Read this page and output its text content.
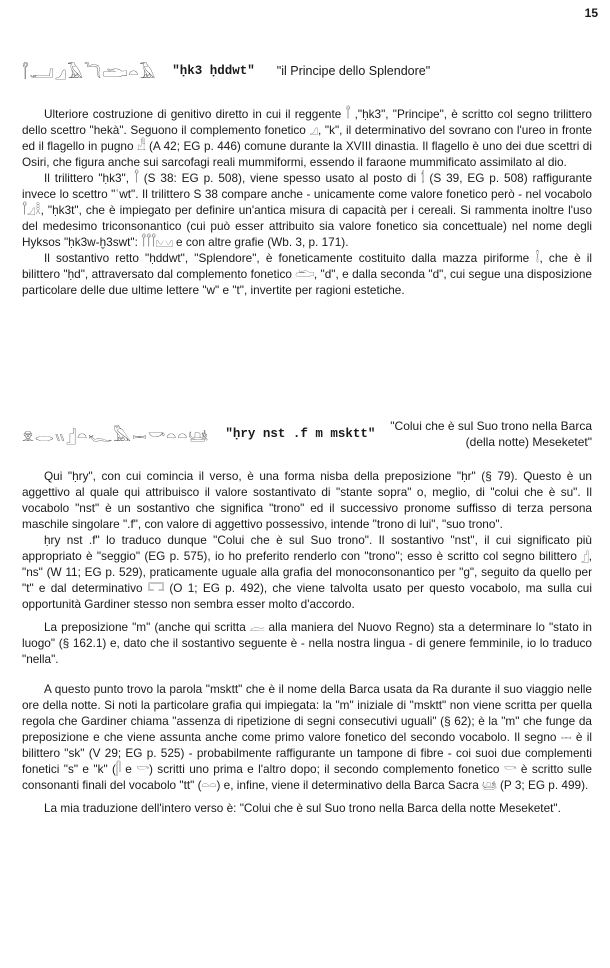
15
𓋾𓂝𓈎𓄿𓆓𓂧𓏏𓄿 "ḥk3 ḥddwt" "il Principe dello Splendore"

Ulteriore costruzione di genitivo diretto in cui il reggente 𓋾 ,"ḥk3", "Principe", è scritto col segno trilittero dello scettro "hekà". Seguono il complemento fonetico 𓈎, "k", il determinativo del sovrano con l'ureo in fronte ed il flagello in pugno 𓀭 (A 42; EG p. 446) comune durante la XVIII dinastia. Il flagello è uno dei due scettri di Osiri, che figura anche sui sarcofagi reali mummiformi, essendo il faraone mummificato assimilato al dio.

Il trilittero "ḥk3", 𓋾 (S 38: EG p. 508), viene spesso usato al posto di 𓌀 (S 39, EG p. 508) raffigurante invece lo scettro "ʿwt". Il trilittero S 38 compare anche - unicamente come valore fonetico però - nel vocabolo 𓋾𓈎𓎛, "ḥk3t", che è impiegato per definire un'antica misura di capacità per i cereali. Si rammenta inoltre l'uso del medesimo triconsonantico (cui può esser attribuito sia valore fonetico sia concettuale) nel nome degli Hyksos "ḥk3w-ḫ3swt": 𓋾𓋾𓋾𓈉 e con altre grafie (Wb. 3, p. 171).

Il sostantivo retto "ḥddwt", "Splendore", è foneticamente costituito dalla mazza piriforme 𓌉, che è il bilittero "ḥd", attraversato dal complemento fonetico 𓂧, "d", e dalla seconda "d", cui segue una disposizione particolare delle due ultime lettere "w" e "t", invertite per ragioni estetiche.

𓁷𓂋𓏭𓊨𓏏𓆑𓅓𓋭𓎡𓏏𓏏𓊞 "ḥry nst .f m msktt"
"Colui che è sul Suo trono nella Barca (della notte) Meseketet"

Qui "ḥry", con cui comincia il verso, è una forma nisba della preposizione "ḥr" (§ 79). Questo è un aggettivo al quale qui attribuisco il valore sostantivato di "stante sopra" o, meglio, di "colui che è su". Il vocabolo "nst" è un sostantivo che significa "trono" ed il successivo pronome suffisso di terza persona maschile singolare ".f", con valore di aggettivo possessivo, intende "trono di lui", "suo trono".

ḥry nst .f" lo traduco dunque "Colui che è sul Suo trono". Il sostantivo "nst", il cui significato più appropriato è "seggio" (EG p. 575), io ho preferito renderlo con "trono"; esso è scritto col segno bilittero 𓊨, "ns" (W 11; EG p. 529), praticamente uguale alla grafia del monoconsonantico per "g", seguito da quello per "t" e dal determinativo 𓉐 (O 1; EG p. 492), che viene talvolta usato per questo vocabolo, ma sulla cui opportunità Gardiner stesso non sembra esser molto d'accordo.

La preposizione "m" (anche qui scritta 𓐛 alla maniera del Nuovo Regno) sta a determinare lo "stato in luogo" (§ 162.1) e, dato che il sostantivo seguente è - nella nostra lingua - di genere femminile, io lo traduco "nella".

A questo punto trovo la parola "msktt" che è il nome della Barca usata da Ra durante il suo viaggio nelle ore della notte. Si noti la particolare grafia qui impiegata: la "m" iniziale di "msktt" non viene scritta per quella regola che Gardiner chiama "assenza di ripetizione di segni consecutivi uguali" (§ 62); è la "m" che funge da preposizione e che viene assunta anche come primo valore fonetico del secondo vocabolo. Il segno 𓋭 è il bilittero "sk" (V 29; EG p. 525) - probabilmente raffigurante un tampone di fibre - coi suoi due complementi fonetici "s" e "k" (𓋴 e 𓎡) scritti uno prima e l'altro dopo; il secondo complemento fonetico 𓎡 è scritto sulle consonanti finali del vocabolo "tt" (𓏏𓏏) e, infine, viene il determinativo della Barca Sacra 𓊞 (P 3; EG p. 499).

La mia traduzione dell'intero verso è: "Colui che è sul Suo trono nella Barca della notte Meseketet".
